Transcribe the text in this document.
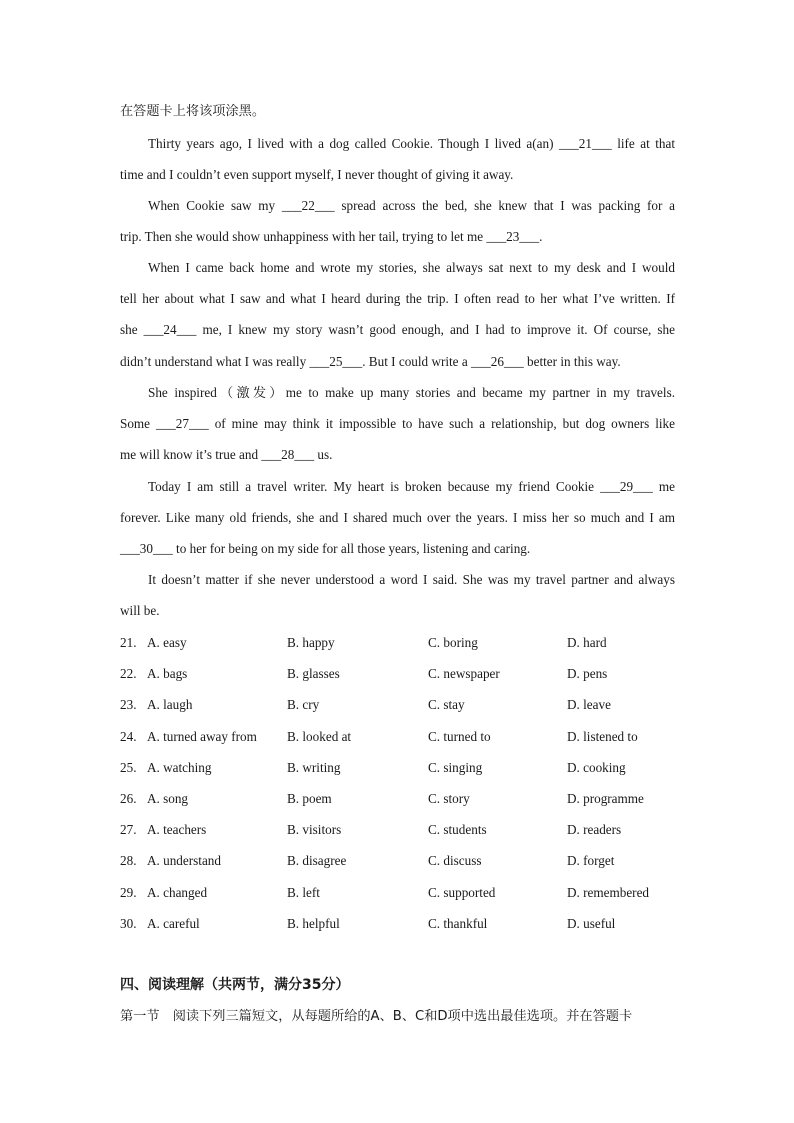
在答题卡上将该项涂黑。
Thirty years ago, I lived with a dog called Cookie. Though I lived a(an) ___21___ life at that
time and I couldn’t even support myself, I never thought of giving it away.
When Cookie saw my ___22___ spread across the bed, she knew that I was packing for a
trip. Then she would show unhappiness with her tail, trying to let me ___23___.
When I came back home and wrote my stories, she always sat next to my desk and I would
tell her about what I saw and what I heard during the trip. I often read to her what I’ve written. If
she ___24___ me, I knew my story wasn’t good enough, and I had to improve it. Of course, she
didn’t understand what I was really ___25___. But I could write a ___26___ better in this way.
She inspired（激发）me to make up many stories and became my partner in my travels.
Some ___27___ of mine may think it impossible to have such a relationship, but dog owners like
me will know it’s true and ___28___ us.
Today I am still a travel writer. My heart is broken because my friend Cookie ___29___ me
forever. Like many old friends, she and I shared much over the years. I miss her so much and I am
___30___ to her for being on my side for all those years, listening and caring.
It doesn’t matter if she never understood a word I said. She was my travel partner and always
will be.
21. A. easy	B. happy	C. boring	D. hard
22. A. bags	B. glasses	C. newspaper	D. pens
23. A. laugh	B. cry	C. stay	D. leave
24. A. turned away from B. looked at	C. turned to	D. listened to
25. A. watching	B. writing	C. singing	D. cooking
26. A. song	B. poem	C. story	D. programme
27. A. teachers	B. visitors	C. students	D. readers
28. A. understand	B. disagree	C. discuss	D. forget
29. A. changed	B. left	C. supported	D. remembered
30. A. careful	B. helpful	C. thankful	D. useful
四、阅读理解（共两节，满分35分）
第一节　阅读下列三篇短文，从每题所给的A、B、C和D项中选出最佳选项。并在答题卡
